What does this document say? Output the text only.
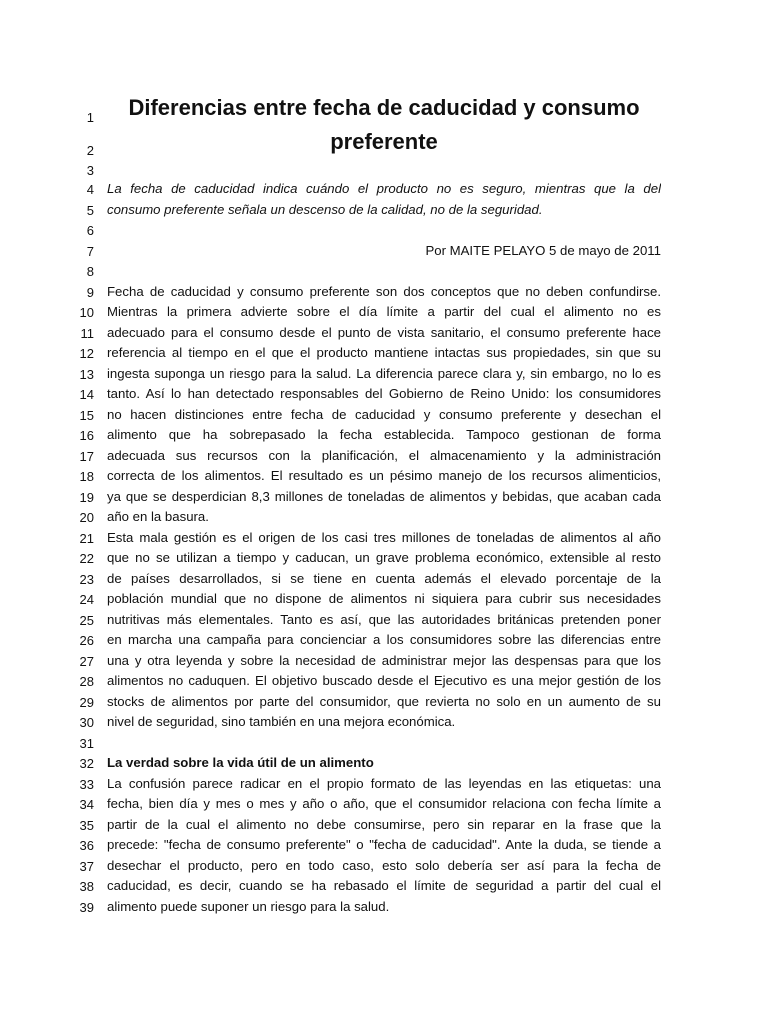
1
2
3
4
5
6
7
8
9
10
11
12
13
14
15
16
17
18
19
20
21
22
23
24
25
26
27
28
29
30
31
32
33
34
35
36
37
38
39
Diferencias entre fecha de caducidad y consumo
preferente
La fecha de caducidad indica cuándo el producto no es seguro, mientras que la del
consumo preferente señala un descenso de la calidad, no de la seguridad.
Por MAITE PELAYO 5 de mayo de 2011
Fecha de caducidad y consumo preferente son dos conceptos que no deben confundirse.
Mientras la primera advierte sobre el día límite a partir del cual el alimento no es
adecuado para el consumo desde el punto de vista sanitario, el consumo preferente hace
referencia al tiempo en el que el producto mantiene intactas sus propiedades, sin que su
ingesta suponga un riesgo para la salud. La diferencia parece clara y, sin embargo, no lo es
tanto. Así lo han detectado responsables del Gobierno de Reino Unido: los consumidores
no hacen distinciones entre fecha de caducidad y consumo preferente y desechan el
alimento que ha sobrepasado la fecha establecida. Tampoco gestionan de forma
adecuada sus recursos con la planificación, el almacenamiento y la administración
correcta de los alimentos. El resultado es un pésimo manejo de los recursos alimenticios,
ya que se desperdician 8,3 millones de toneladas de alimentos y bebidas, que acaban cada
año en la basura.
Esta mala gestión es el origen de los casi tres millones de toneladas de alimentos al año
que no se utilizan a tiempo y caducan, un grave problema económico, extensible al resto
de países desarrollados, si se tiene en cuenta además el elevado porcentaje de la
población mundial que no dispone de alimentos ni siquiera para cubrir sus necesidades
nutritivas más elementales. Tanto es así, que las autoridades británicas pretenden poner
en marcha una campaña para concienciar a los consumidores sobre las diferencias entre
una y otra leyenda y sobre la necesidad de administrar mejor las despensas para que los
alimentos no caduquen. El objetivo buscado desde el Ejecutivo es una mejor gestión de los
stocks de alimentos por parte del consumidor, que revierta no solo en un aumento de su
nivel de seguridad, sino también en una mejora económica.
La verdad sobre la vida útil de un alimento
La confusión parece radicar en el propio formato de las leyendas en las etiquetas: una
fecha, bien día y mes o mes y año o año, que el consumidor relaciona con fecha límite a
partir de la cual el alimento no debe consumirse, pero sin reparar en la frase que la
precede: "fecha de consumo preferente" o "fecha de caducidad". Ante la duda, se tiende a
desechar el producto, pero en todo caso, esto solo debería ser así para la fecha de
caducidad, es decir, cuando se ha rebasado el límite de seguridad a partir del cual el
alimento puede suponer un riesgo para la salud.
